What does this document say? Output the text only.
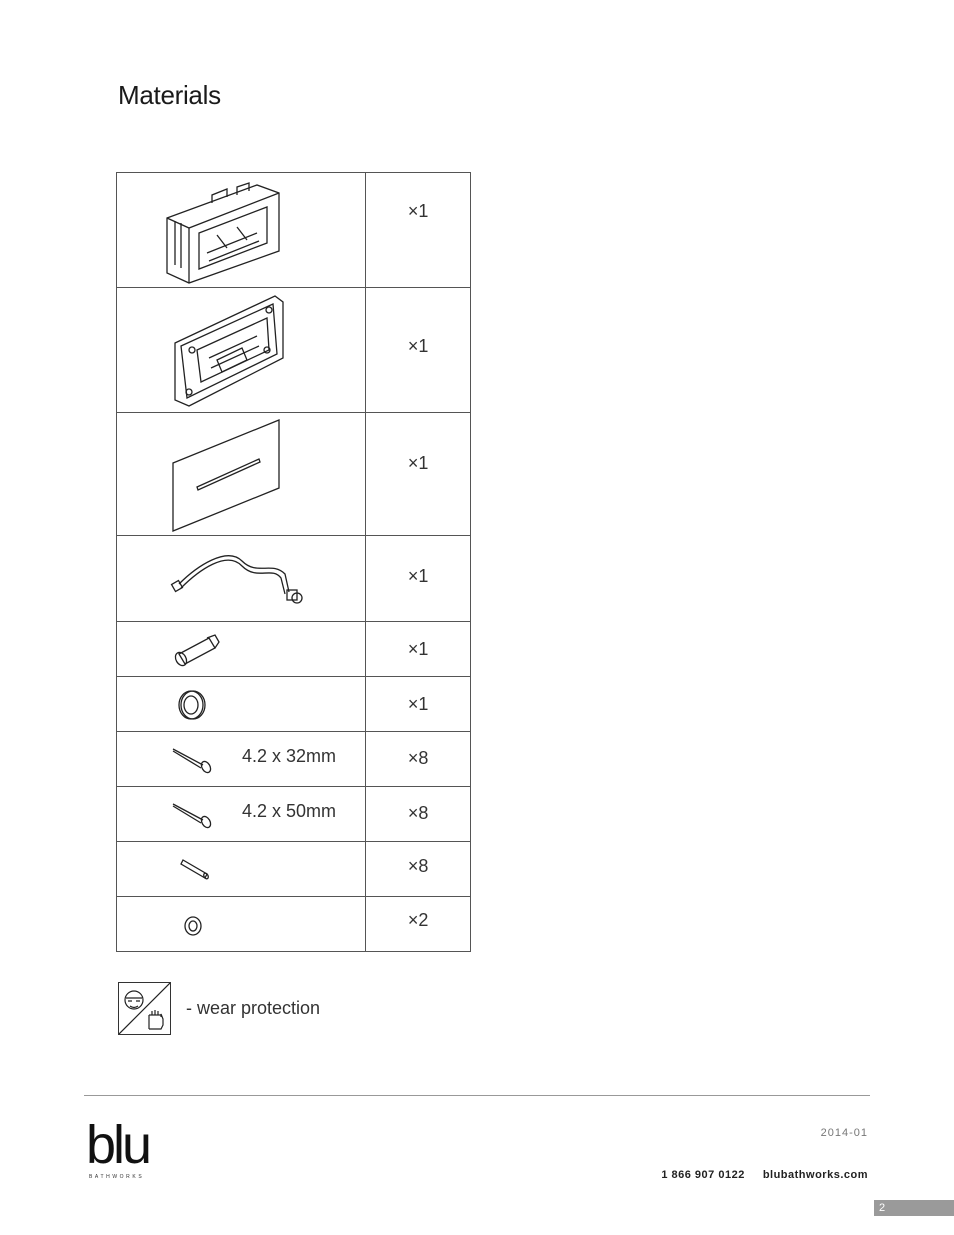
Materials

×1

×1

×1

×1

×1

×1

4.2 x 32mm	×8

4.2 x 50mm	×8

×8

×2
- wear protection
blu
BATHWORKS
2014-01
1 866 907 0122 blubathworks.com
2
